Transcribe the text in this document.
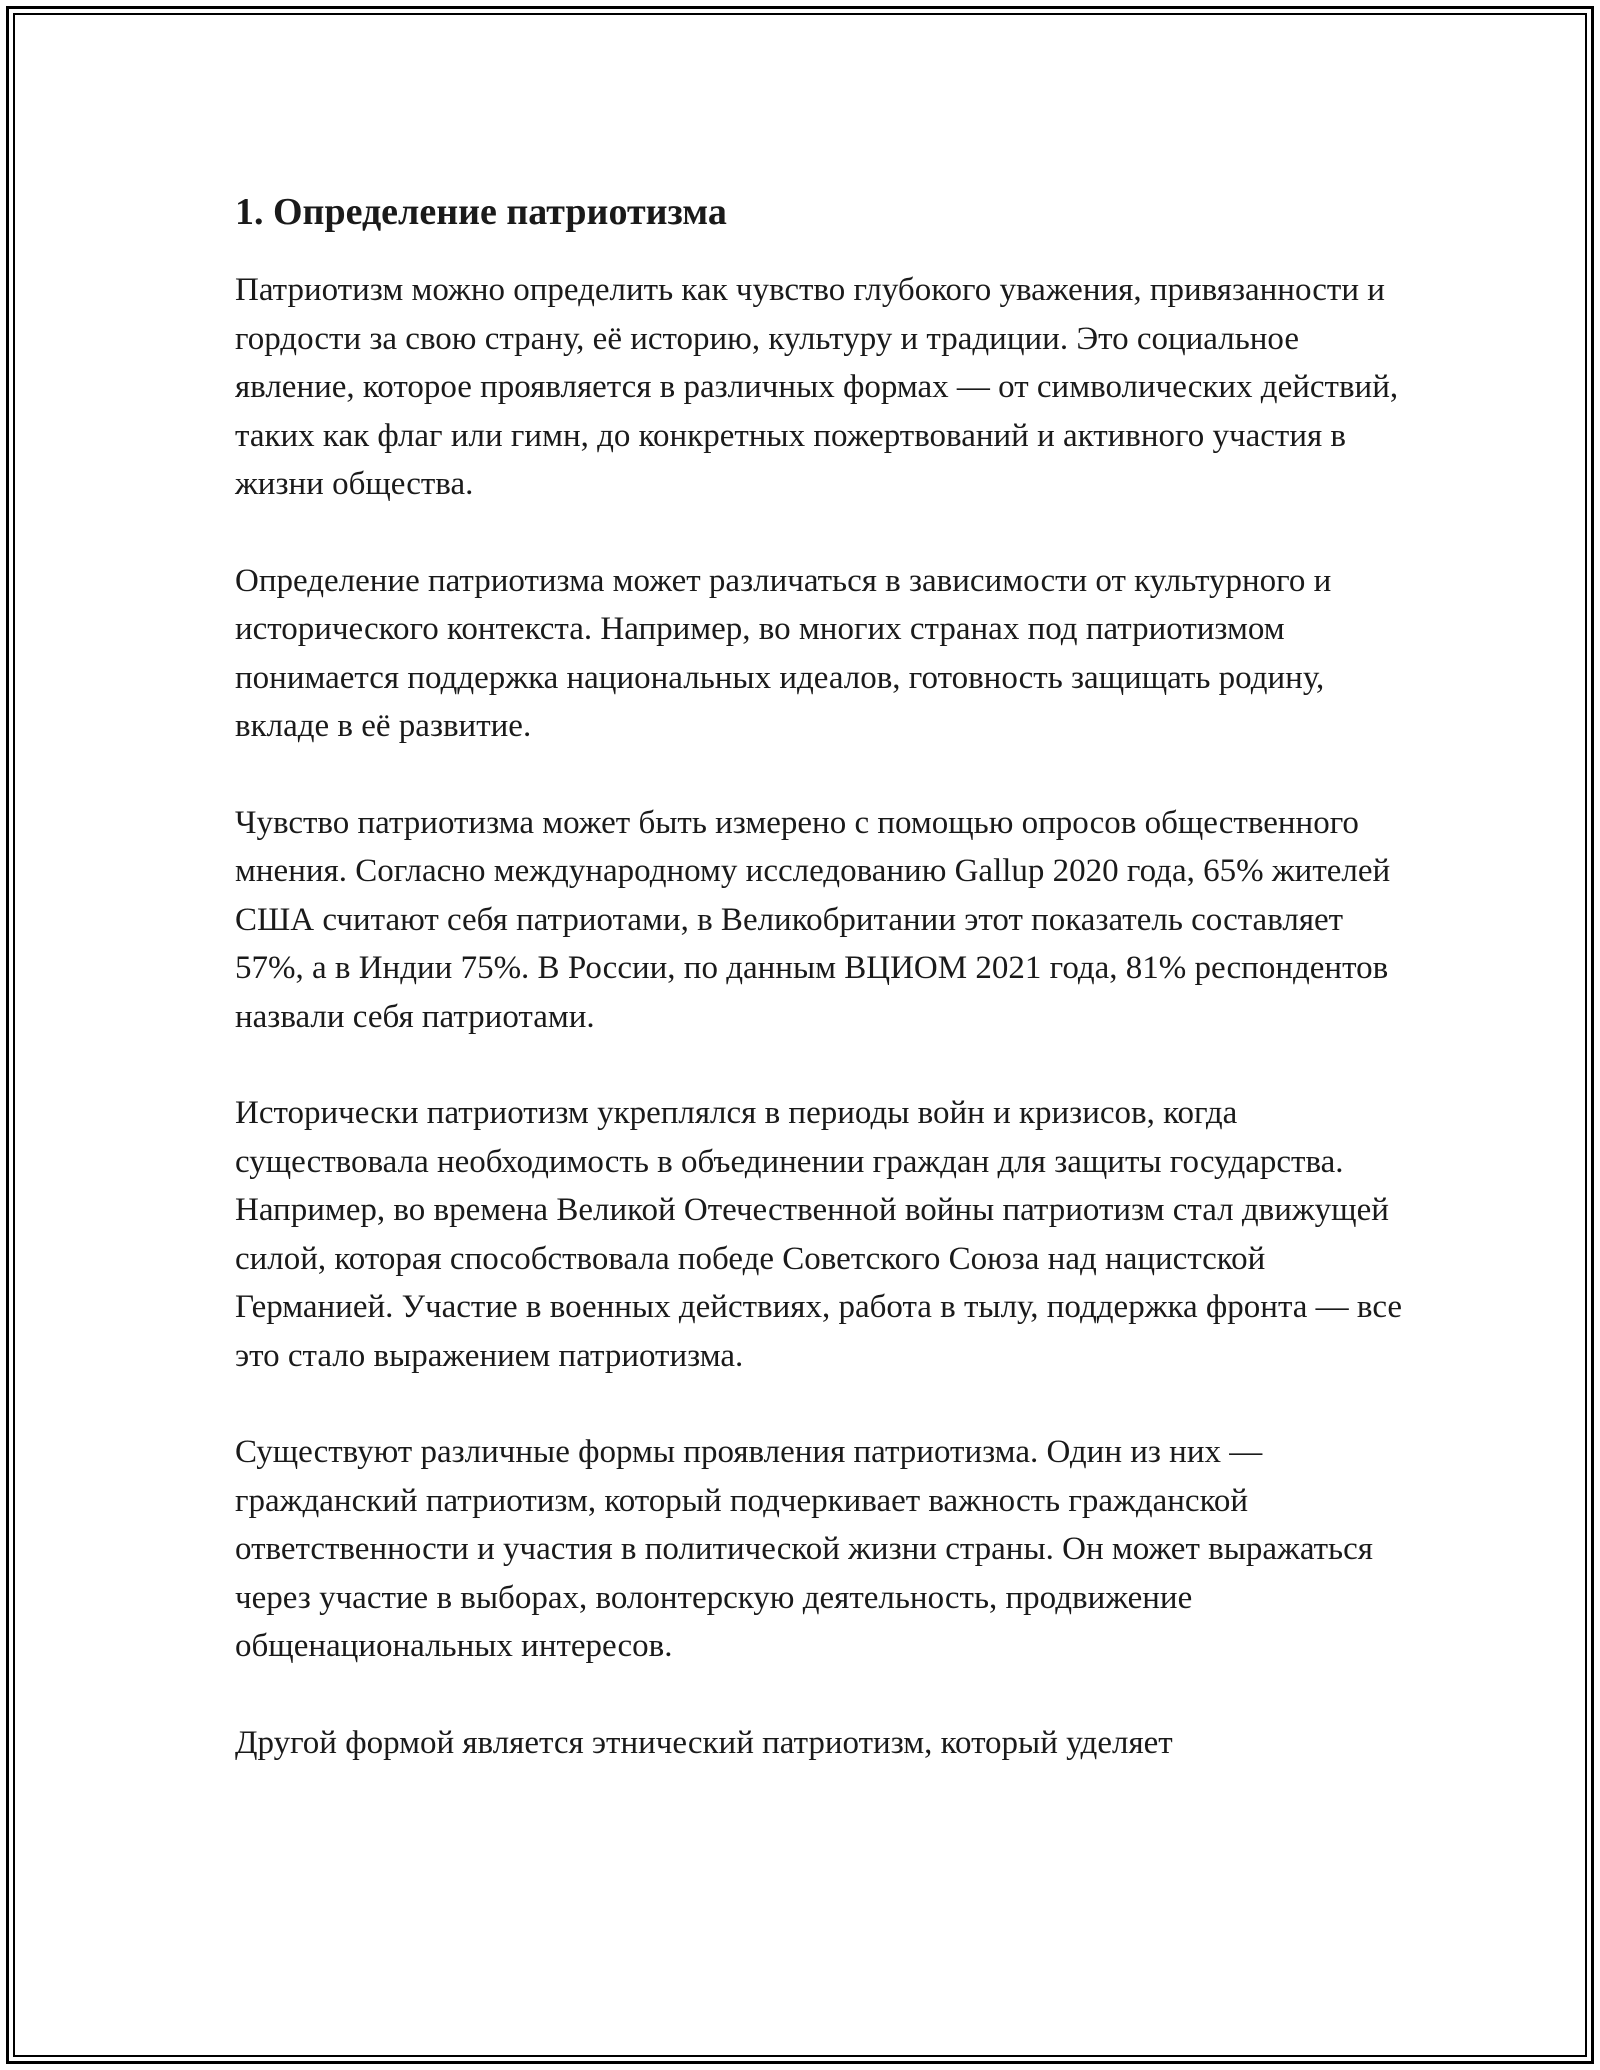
1. Определение патриотизма

Патриотизм можно определить как чувство глубокого уважения, привязанности и гордости за свою страну, её историю, культуру и традиции. Это социальное явление, которое проявляется в различных формах — от символических действий, таких как флаг или гимн, до конкретных пожертвований и активного участия в жизни общества.

Определение патриотизма может различаться в зависимости от культурного и исторического контекста. Например, во многих странах под патриотизмом понимается поддержка национальных идеалов, готовность защищать родину, вкладе в её развитие.

Чувство патриотизма может быть измерено с помощью опросов общественного мнения. Согласно международному исследованию Gallup 2020 года, 65% жителей США считают себя патриотами, в Великобритании этот показатель составляет 57%, а в Индии 75%. В России, по данным ВЦИОМ 2021 года, 81% респондентов назвали себя патриотами.

Исторически патриотизм укреплялся в периоды войн и кризисов, когда существовала необходимость в объединении граждан для защиты государства. Например, во времена Великой Отечественной войны патриотизм стал движущей силой, которая способствовала победе Советского Союза над нацистской Германией. Участие в военных действиях, работа в тылу, поддержка фронта — все это стало выражением патриотизма.

Существуют различные формы проявления патриотизма. Один из них — гражданский патриотизм, который подчеркивает важность гражданской ответственности и участия в политической жизни страны. Он может выражаться через участие в выборах, волонтерскую деятельность, продвижение общенациональных интересов.

Другой формой является этнический патриотизм, который уделяет
